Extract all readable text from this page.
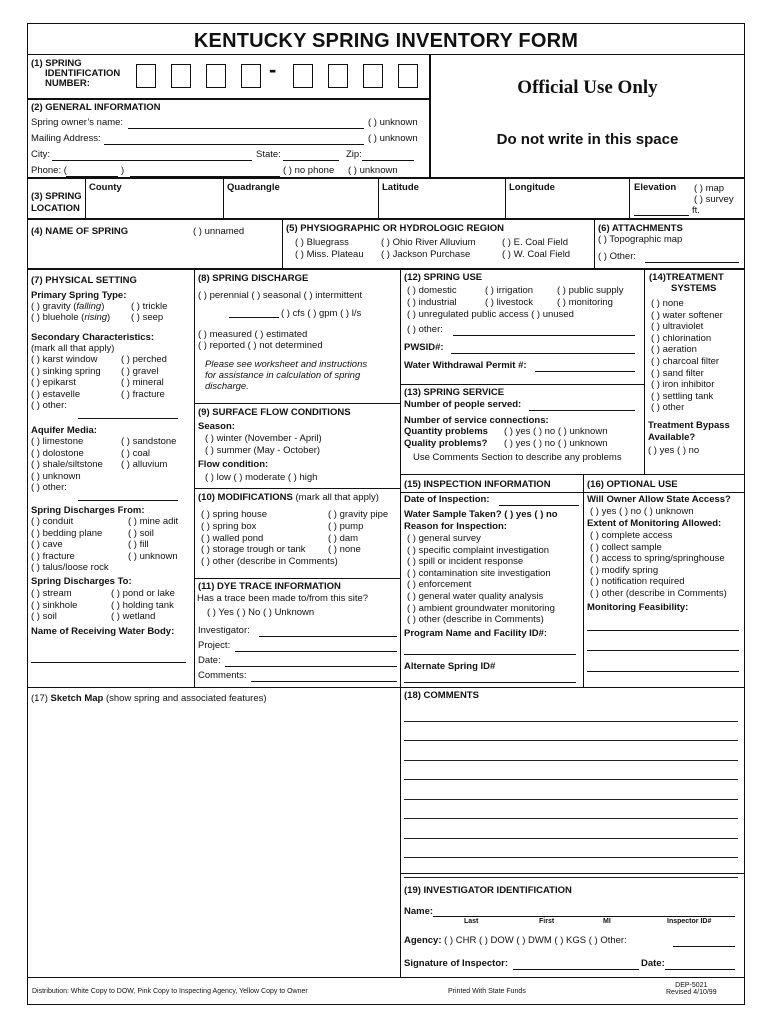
KENTUCKY SPRING INVENTORY FORM
(1) SPRING
IDENTIFICATION
NUMBER:
-
Official Use Only
Do not write in this space
(2) GENERAL INFORMATION
Spring owner’s name:	( ) unknown
Mailing Address:	( ) unknown
City:	State:	Zip:
Phone: (	)	( ) no phone ( ) unknown
(3) SPRING
LOCATION
County	Quadrangle	Latitude	Longitude	Elevation ( ) map
( ) survey
ft.
(4) NAME OF SPRING	( ) unnamed	(5) PHYSIOGRAPHIC OR HYDROLOGIC REGION
( ) Bluegrass	( ) Ohio River Alluvium	( ) E. Coal Field
( ) Miss. Plateau ( ) Jackson Purchase	( ) W. Coal Field
(6) ATTACHMENTS
( ) Topographic map
( ) Other:
(7) PHYSICAL SETTING
Primary Spring Type:
( ) gravity (falling)	( ) trickle
( ) bluehole (rising) ( ) seep
Secondary Characteristics:
(mark all that apply)
( ) karst window ( ) perched
( ) sinking spring ( ) gravel
( ) epikarst	( ) mineral
( ) estavelle	( ) fracture
( ) other:
Aquifer Media:
( ) limestone	( ) sandstone
( ) dolostone	( ) coal
( ) shale/siltstone ( ) alluvium
( ) unknown
( ) other:
Spring Discharges From:
( ) conduit	( ) mine adit
( ) bedding plane	( ) soil
( ) cave	( ) fill
( ) fracture	( ) unknown
( ) talus/loose rock
Spring Discharges To:
( ) stream	( ) pond or lake
( ) sinkhole	( ) holding tank
( ) soil	( ) wetland
Name of Receiving Water Body:
(8) SPRING DISCHARGE
( ) perennial ( ) seasonal ( ) intermittent
( ) cfs ( ) gpm ( ) l/s
( ) measured ( ) estimated
( ) reported ( ) not determined
Please see worksheet and instructions
for assistance in calculation of spring
discharge.
(9) SURFACE FLOW CONDITIONS
Season:
( ) winter (November - April)
( ) summer (May - October)
Flow condition:
( ) low ( ) moderate ( ) high
(10) MODIFICATIONS (mark all that apply)
( ) spring house	( ) gravity pipe
( ) spring box	( ) pump
( ) walled pond	( ) dam
( ) storage trough or tank ( ) none
( ) other (describe in Comments)
(11) DYE TRACE INFORMATION
Has a trace been made to/from this site?
( ) Yes ( ) No ( ) Unknown
Investigator:
Project:
Date:
Comments:
(12) SPRING USE
( ) domestic	( ) irrigation	( ) public supply
( ) industrial	( ) livestock	( ) monitoring
( ) unregulated public access ( ) unused
( ) other:
PWSID#:
Water Withdrawal Permit #:
(13) SPRING SERVICE
Number of people served:
Number of service connections:
Quantity problems ( ) yes ( ) no ( ) unknown
Quality problems? ( ) yes ( ) no ( ) unknown
Use Comments Section to describe any problems
(14)TREATMENT
SYSTEMS
( ) none
( ) water softener
( ) ultraviolet
( ) chlorination
( ) aeration
( ) charcoal filter
( ) sand filter
( ) iron inhibitor
( ) settling tank
( ) other
Treatment Bypass
Available?
( ) yes ( ) no
(15) INSPECTION INFORMATION
Date of Inspection:
Water Sample Taken? ( ) yes ( ) no
Reason for Inspection:
( ) general survey
( ) specific complaint investigation
( ) spill or incident response
( ) contamination site investigation
( ) enforcement
( ) general water quality analysis
( ) ambient groundwater monitoring
( ) other (describe in Comments)
Program Name and Facility ID#:
Alternate Spring ID#
(16) OPTIONAL USE
Will Owner Allow State Access?
( ) yes ( ) no ( ) unknown
Extent of Monitoring Allowed:
( ) complete access
( ) collect sample
( ) access to spring/springhouse
( ) modify spring
( ) notification required
( ) other (describe in Comments)
Monitoring Feasibility:
(17) Sketch Map (show spring and associated features)	(18) COMMENTS
(19) INVESTIGATOR IDENTIFICATION
Name:
Last	First	MI	Inspector ID#
Agency: ( ) CHR ( ) DOW ( ) DWM ( ) KGS ( ) Other:
Signature of Inspector:	Date:
Distribution: White Copy to DOW, Pink Copy to Inspecting Agency, Yellow Copy to Owner	Printed With State Funds
DEP-5021
Revised 4/10/99
